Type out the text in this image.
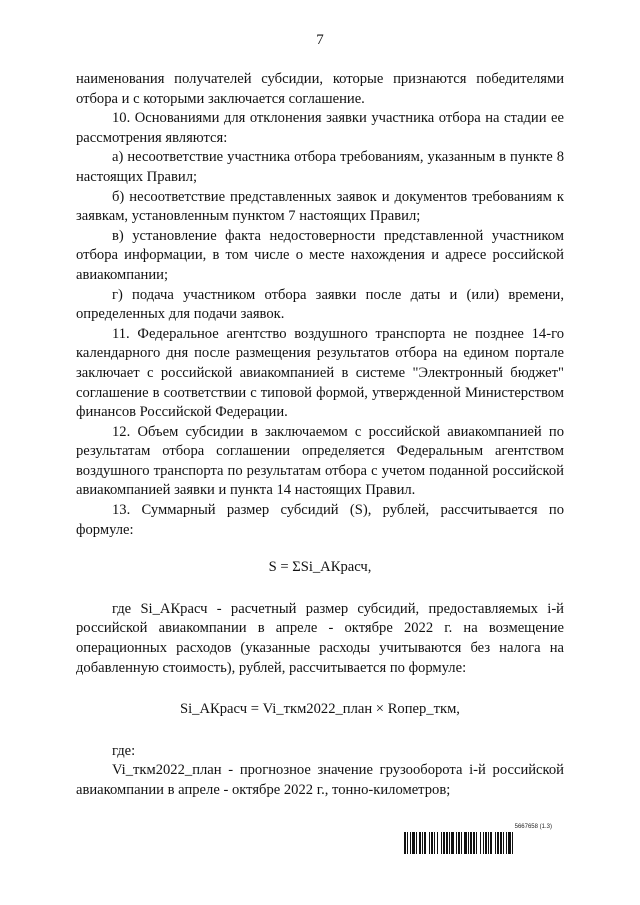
7

наименования получателей субсидии, которые признаются победителями отбора и с которыми заключается соглашение.

10. Основаниями для отклонения заявки участника отбора на стадии ее рассмотрения являются:

а) несоответствие участника отбора требованиям, указанным в пункте 8 настоящих Правил;

б) несоответствие представленных заявок и документов требованиям к заявкам, установленным пунктом 7 настоящих Правил;

в) установление факта недостоверности представленной участником отбора информации, в том числе о месте нахождения и адресе российской авиакомпании;

г) подача участником отбора заявки после даты и (или) времени, определенных для подачи заявок.

11. Федеральное агентство воздушного транспорта не позднее 14-го календарного дня после размещения результатов отбора на едином портале заключает с российской авиакомпанией в системе "Электронный бюджет" соглашение в соответствии с типовой формой, утвержденной Министерством финансов Российской Федерации.

12. Объем субсидии в заключаемом с российской авиакомпанией по результатам отбора соглашении определяется Федеральным агентством воздушного транспорта по результатам отбора с учетом поданной российской авиакомпанией заявки и пункта 14 настоящих Правил.

13. Суммарный размер субсидий (S), рублей, рассчитывается по формуле:

S = ΣSi_АКрасч,

где Si_АКрасч - расчетный размер субсидий, предоставляемых i-й российской авиакомпании в апреле - октябре 2022 г. на возмещение операционных расходов (указанные расходы учитываются без налога на добавленную стоимость), рублей, рассчитывается по формуле:

Si_АКрасч = Vi_ткм2022_план × Rопер_ткм,

где:

Vi_ткм2022_план - прогнозное значение грузооборота i-й российской авиакомпании в апреле - октябре 2022 г., тонно-километров;

5667658 (1.3)
